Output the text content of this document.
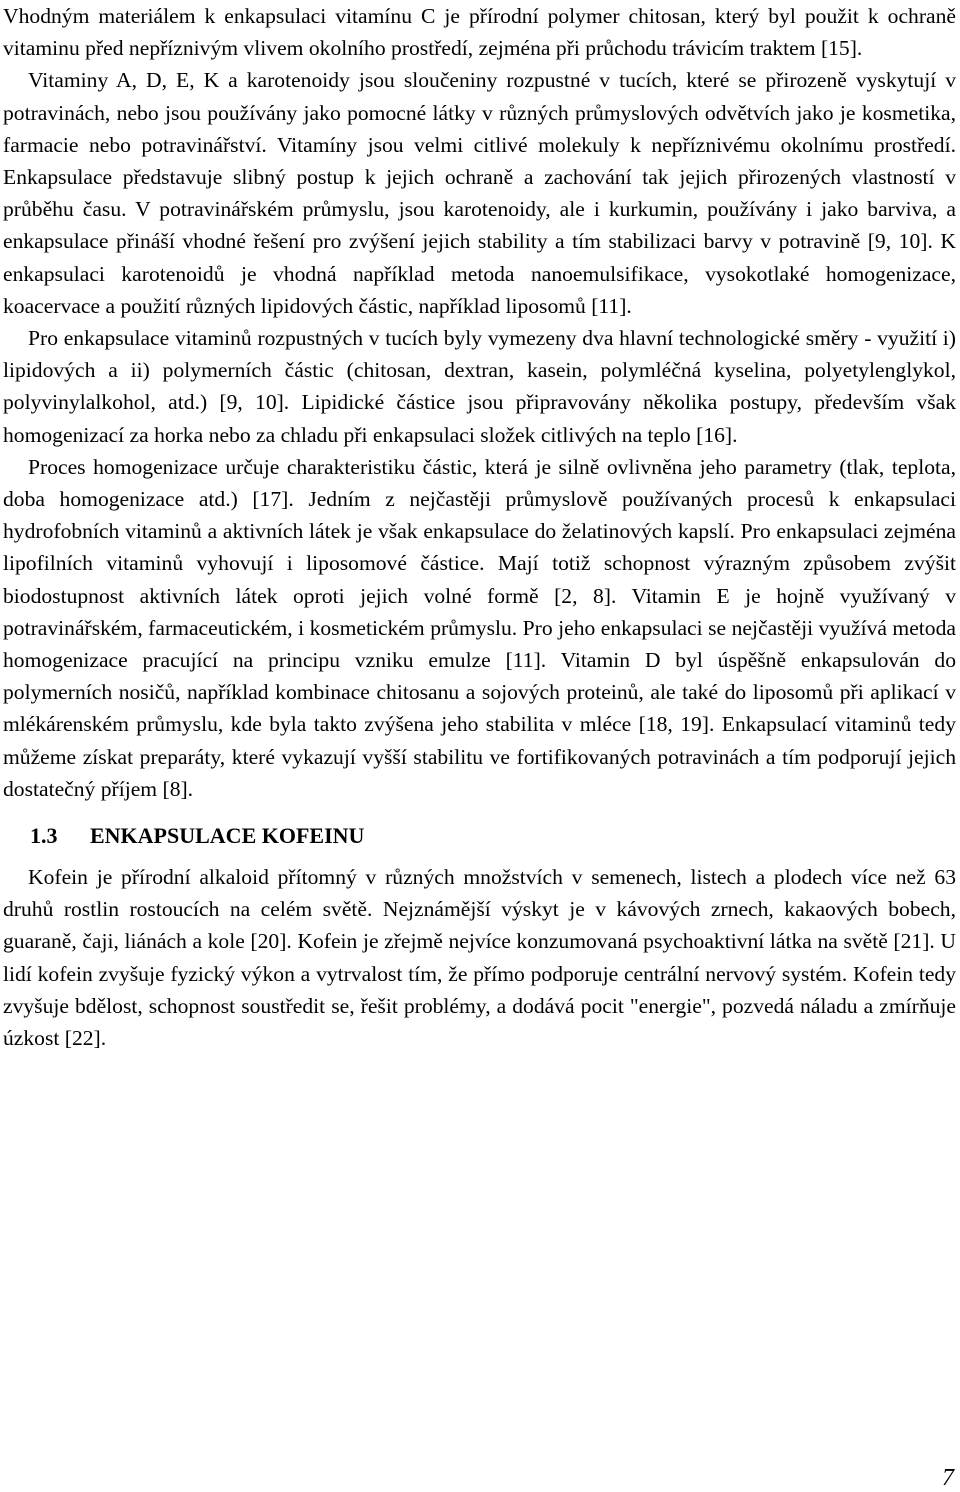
Vhodným materiálem k enkapsulaci vitamínu C je přírodní polymer chitosan, který byl použit k ochraně vitaminu před nepříznivým vlivem okolního prostředí, zejména při průchodu trávicím traktem [15].

Vitaminy A, D, E, K a karotenoidy jsou sloučeniny rozpustné v tucích, které se přirozeně vyskytují v potravinách, nebo jsou používány jako pomocné látky v různých průmyslových odvětvích jako je kosmetika, farmacie nebo potravinářství. Vitamíny jsou velmi citlivé molekuly k nepříznivému okolnímu prostředí. Enkapsulace představuje slibný postup k jejich ochraně a zachování tak jejich přirozených vlastností v průběhu času. V potravinářském průmyslu, jsou karotenoidy, ale i kurkumin, používány i jako barviva, a enkapsulace přináší vhodné řešení pro zvýšení jejich stability a tím stabilizaci barvy v potravině [9, 10]. K enkapsulaci karotenoidů je vhodná například metoda nanoemulsifikace, vysokotlaké homogenizace, koacervace a použití různých lipidových částic, například liposomů [11].

Pro enkapsulace vitaminů rozpustných v tucích byly vymezeny dva hlavní technologické směry - využití i) lipidových a ii) polymerních částic (chitosan, dextran, kasein, polymléčná kyselina, polyetylenglykol, polyvinylalkohol, atd.) [9, 10]. Lipidické částice jsou připravovány několika postupy, především však homogenizací za horka nebo za chladu při enkapsulaci složek citlivých na teplo [16].

Proces homogenizace určuje charakteristiku částic, která je silně ovlivněna jeho parametry (tlak, teplota, doba homogenizace atd.) [17]. Jedním z nejčastěji průmyslově používaných procesů k enkapsulaci hydrofobních vitaminů a aktivních látek je však enkapsulace do želatinových kapslí. Pro enkapsulaci zejména lipofilních vitaminů vyhovují i liposomové částice. Mají totiž schopnost výrazným způsobem zvýšit biodostupnost aktivních látek oproti jejich volné formě [2, 8]. Vitamin E je hojně využívaný v potravinářském, farmaceutickém, i kosmetickém průmyslu. Pro jeho enkapsulaci se nejčastěji využívá metoda homogenizace pracující na principu vzniku emulze [11]. Vitamin D byl úspěšně enkapsulován do polymerních nosičů, například kombinace chitosanu a sojových proteinů, ale také do liposomů při aplikací v mlékárenském průmyslu, kde byla takto zvýšena jeho stabilita v mléce [18, 19]. Enkapsulací vitaminů tedy můžeme získat preparáty, které vykazují vyšší stabilitu ve fortifikovaných potravinách a tím podporují jejich dostatečný příjem [8].

1.3 ENKAPSULACE KOFEINU

Kofein je přírodní alkaloid přítomný v různých množstvích v semenech, listech a plodech více než 63 druhů rostlin rostoucích na celém světě. Nejznámější výskyt je v kávových zrnech, kakaových bobech, guaraně, čaji, liánách a kole [20]. Kofein je zřejmě nejvíce konzumovaná psychoaktivní látka na světě [21]. U lidí kofein zvyšuje fyzický výkon a vytrvalost tím, že přímo podporuje centrální nervový systém. Kofein tedy zvyšuje bdělost, schopnost soustředit se, řešit problémy, a dodává pocit "energie", pozvedá náladu a zmírňuje úzkost [22].

7
